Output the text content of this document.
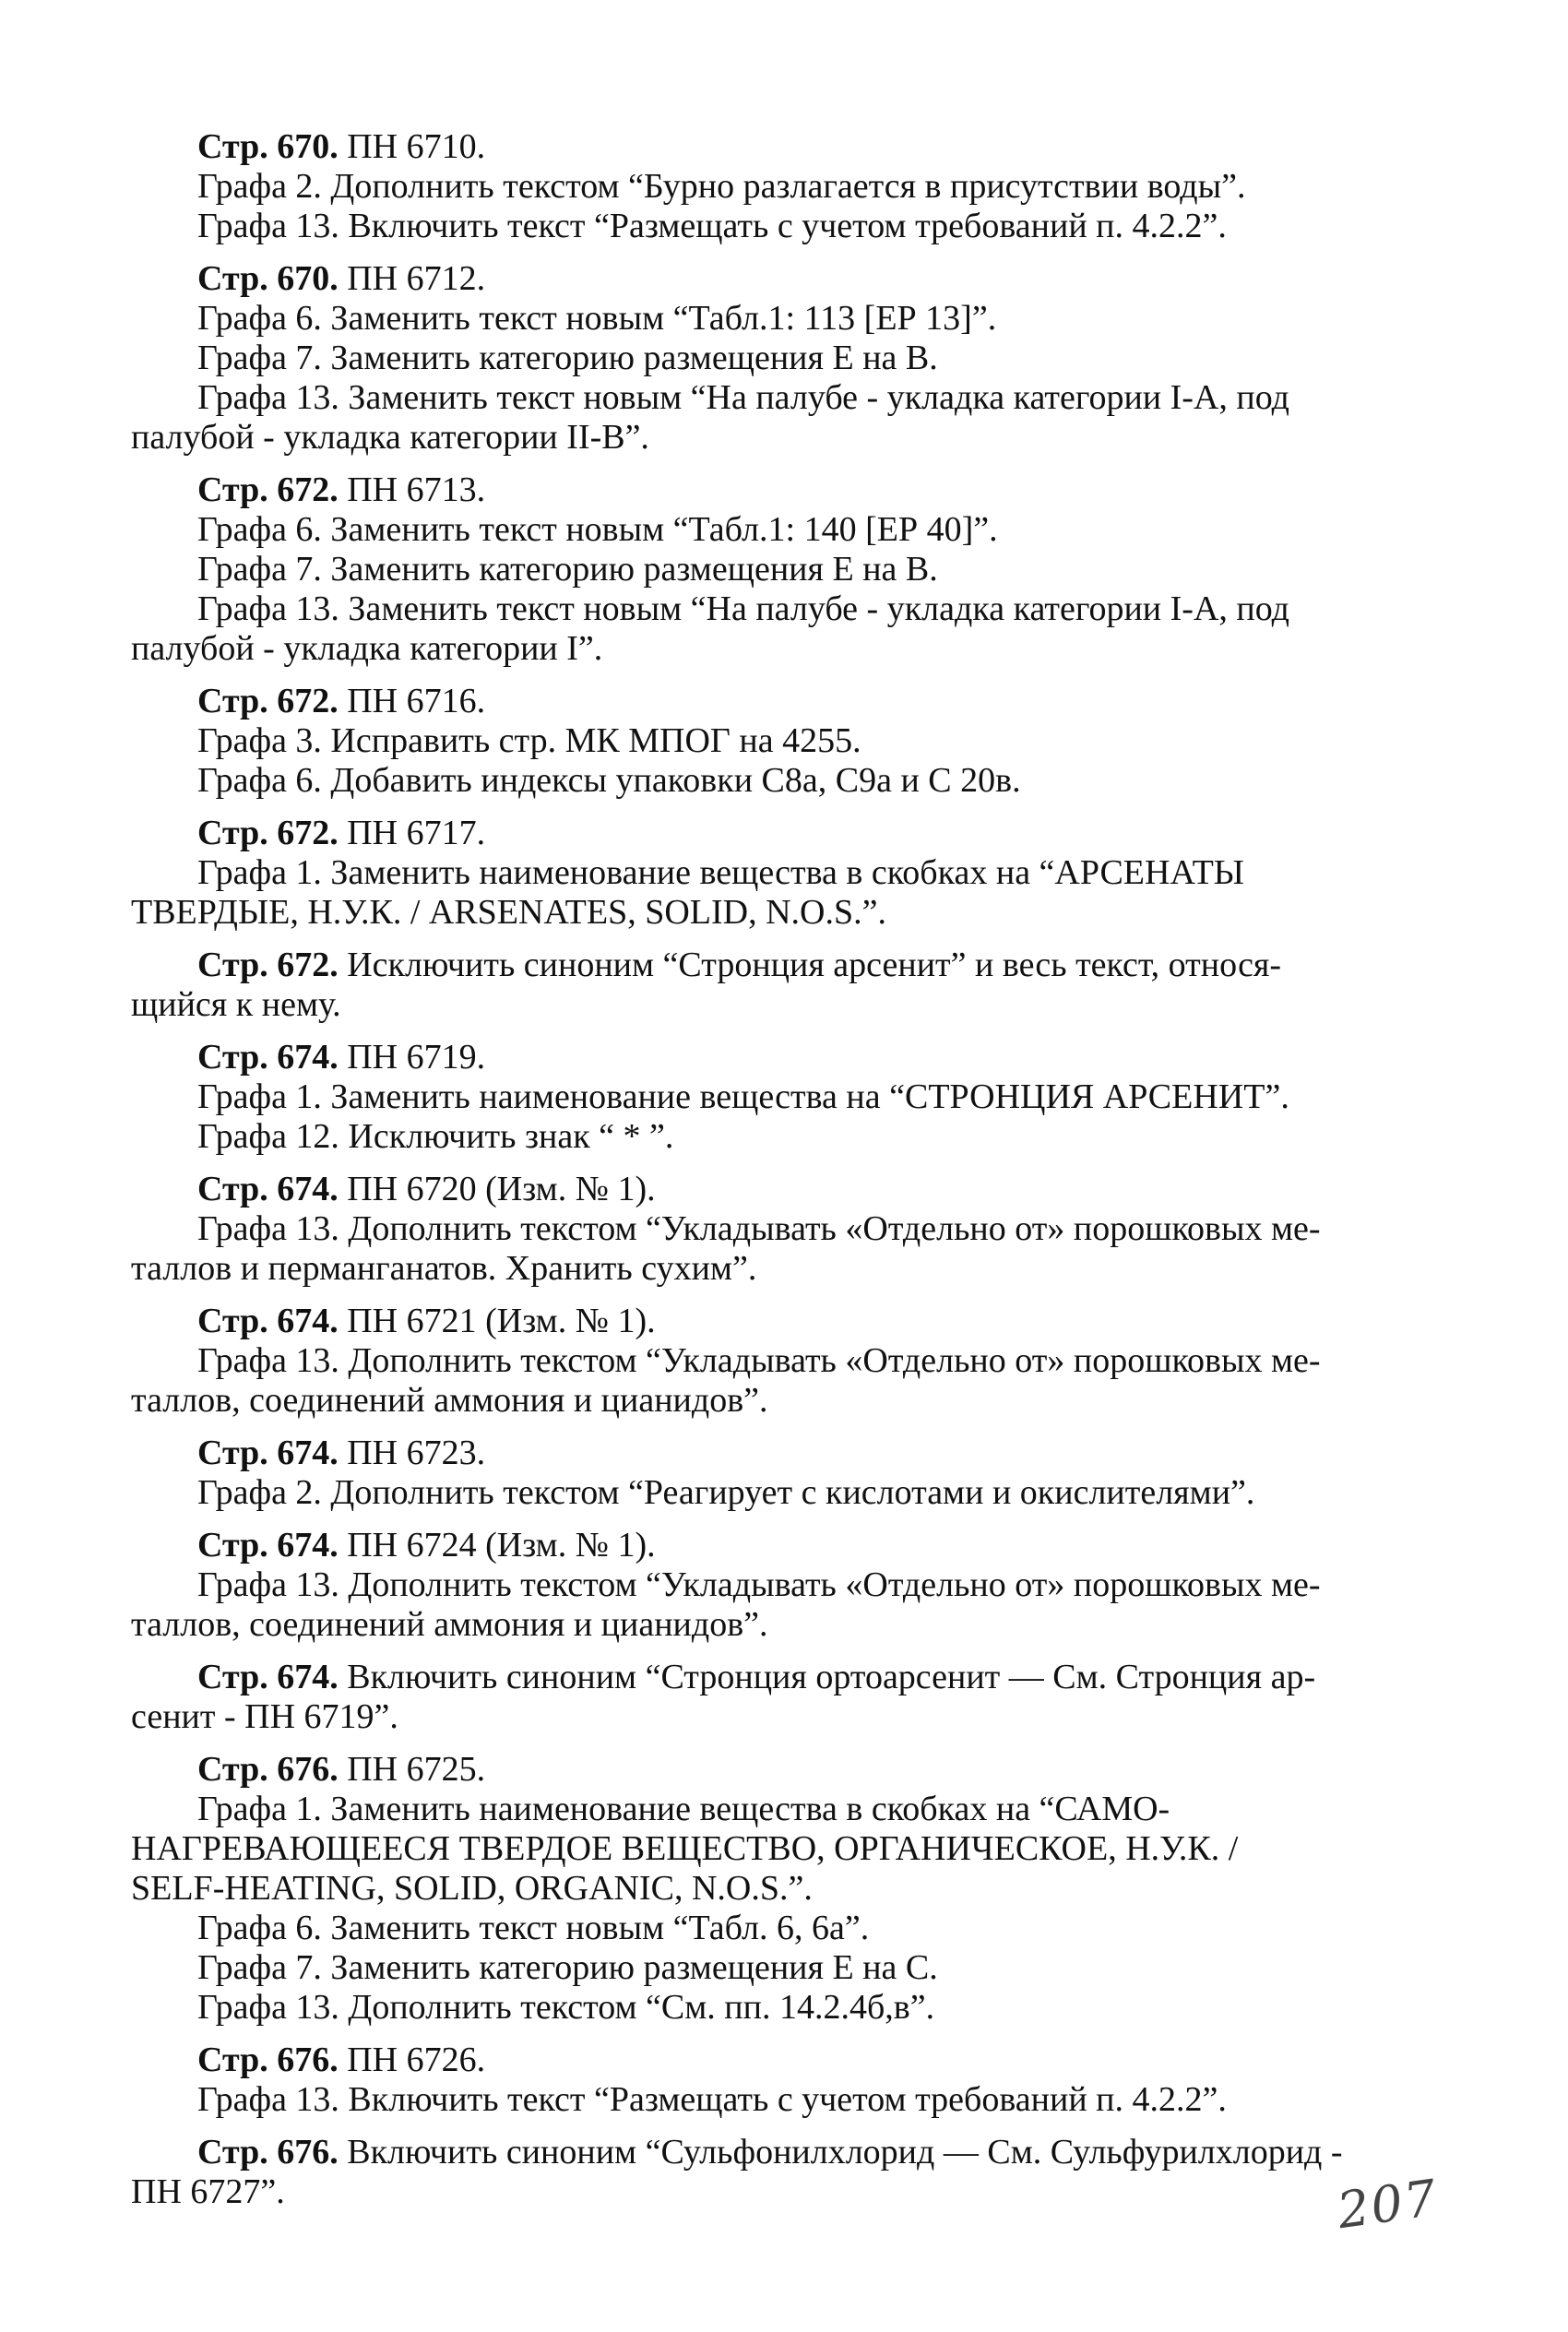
Стр. 670. ПН 6710.
Графа 2. Дополнить текстом “Бурно разлагается в присутствии воды”.
Графа 13. Включить текст “Размещать с учетом требований п. 4.2.2”.
Стр. 670. ПН 6712.
Графа 6. Заменить текст новым “Табл.1: 113 [ЕР 13]”.
Графа 7. Заменить категорию размещения Е на В.
Графа 13. Заменить текст новым “На палубе - укладка категории I-A, под
палубой - укладка категории II-B”.
Стр. 672. ПН 6713.
Графа 6. Заменить текст новым “Табл.1: 140 [ЕР 40]”.
Графа 7. Заменить категорию размещения Е на В.
Графа 13. Заменить текст новым “На палубе - укладка категории I-A, под
палубой - укладка категории I”.
Стр. 672. ПН 6716.
Графа 3. Исправить стр. МК МПОГ на 4255.
Графа 6. Добавить индексы упаковки С8а, С9а и С 20в.
Стр. 672. ПН 6717.
Графа 1. Заменить наименование вещества в скобках на “АРСЕНАТЫ
ТВЕРДЫЕ, Н.У.К. / ARSENATES, SOLID, N.O.S.”.
Стр. 672. Исключить синоним “Стронция арсенит” и весь текст, относя-
щийся к нему.
Стр. 674. ПН 6719.
Графа 1. Заменить наименование вещества на “СТРОНЦИЯ АРСЕНИТ”.
Графа 12. Исключить знак “ * ”.
Стр. 674. ПН 6720 (Изм. № 1).
Графа 13. Дополнить текстом “Укладывать «Отдельно от» порошковых ме-
таллов и перманганатов. Хранить сухим”.
Стр. 674. ПН 6721 (Изм. № 1).
Графа 13. Дополнить текстом “Укладывать «Отдельно от» порошковых ме-
таллов, соединений аммония и цианидов”.
Стр. 674. ПН 6723.
Графа 2. Дополнить текстом “Реагирует с кислотами и окислителями”.
Стр. 674. ПН 6724 (Изм. № 1).
Графа 13. Дополнить текстом “Укладывать «Отдельно от» порошковых ме-
таллов, соединений аммония и цианидов”.
Стр. 674. Включить синоним “Стронция ортоарсенит — См. Стронция ар-
сенит - ПН 6719”.
Стр. 676. ПН 6725.
Графа 1. Заменить наименование вещества в скобках на “САМО-
НАГРЕВАЮЩЕЕСЯ ТВЕРДОЕ ВЕЩЕСТВО, ОРГАНИЧЕСКОЕ, Н.У.К. /
SELF-HEATING, SOLID, ORGANIC, N.O.S.”.
Графа 6. Заменить текст новым “Табл. 6, 6а”.
Графа 7. Заменить категорию размещения Е на С.
Графа 13. Дополнить текстом “См. пп. 14.2.4б,в”.
Стр. 676. ПН 6726.
Графа 13. Включить текст “Размещать с учетом требований п. 4.2.2”.
Стр. 676. Включить синоним “Сульфонилхлорид — См. Сульфурилхлорид -
ПН 6727”.	207
